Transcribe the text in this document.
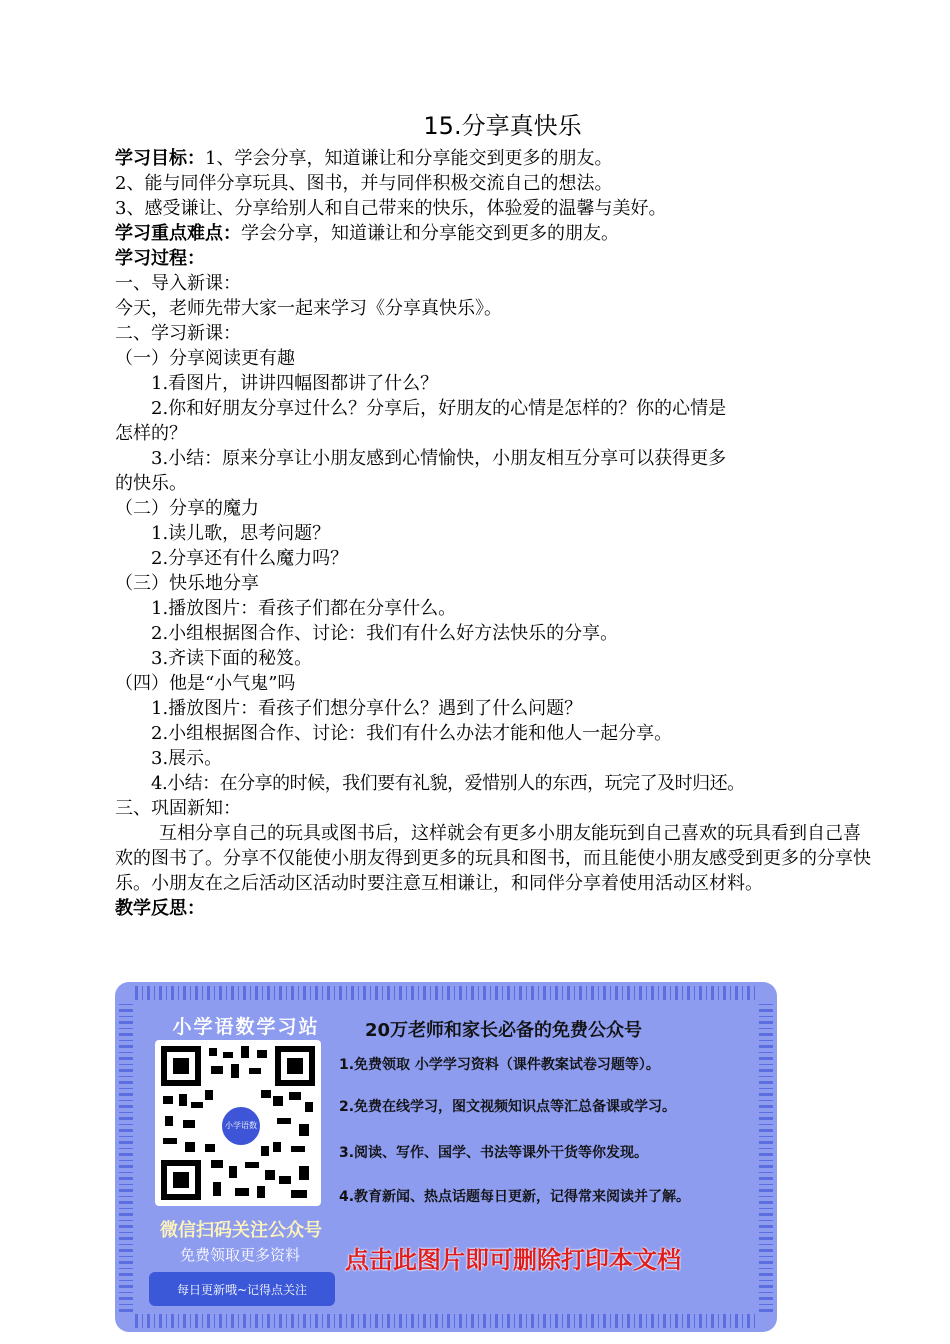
15.分享真快乐
学习目标：1、学会分享，知道谦让和分享能交到更多的朋友。
2、能与同伴分享玩具、图书，并与同伴积极交流自己的想法。
3、感受谦让、分享给别人和自己带来的快乐，体验爱的温馨与美好。
学习重点难点：学会分享，知道谦让和分享能交到更多的朋友。
学习过程：
一、导入新课：
今天，老师先带大家一起来学习《分享真快乐》。
二、学习新课：
（一）分享阅读更有趣
1.看图片，讲讲四幅图都讲了什么？
2.你和好朋友分享过什么？分享后，好朋友的心情是怎样的？你的心情是
怎样的？
3.小结：原来分享让小朋友感到心情愉快，小朋友相互分享可以获得更多
的快乐。
（二）分享的魔力
1.读儿歌，思考问题？
2.分享还有什么魔力吗？
（三）快乐地分享
1.播放图片：看孩子们都在分享什么。
2.小组根据图合作、讨论：我们有什么好方法快乐的分享。
3.齐读下面的秘笈。
（四）他是“小气鬼”吗
1.播放图片：看孩子们想分享什么？遇到了什么问题？
2.小组根据图合作、讨论：我们有什么办法才能和他人一起分享。
3.展示。
4.小结：在分享的时候，我们要有礼貌，爱惜别人的东西，玩完了及时归还。
三、巩固新知：
互相分享自己的玩具或图书后，这样就会有更多小朋友能玩到自己喜欢的玩具看到自己喜欢的图书了。分享不仅能使小朋友得到更多的玩具和图书，而且能使小朋友感受到更多的分享快乐。小朋友在之后活动区活动时要注意互相谦让，和同伴分享着使用活动区材料。
教学反思：
小学语数学习站
小学语数
微信扫码关注公众号
免费领取更多资料
每日更新哦~记得点关注
20万老师和家长必备的免费公众号
1.免费领取 小学学习资料（课件教案试卷习题等）。
2.免费在线学习，图文视频知识点等汇总备课或学习。
3.阅读、写作、国学、书法等课外干货等你发现。
4.教育新闻、热点话题每日更新，记得常来阅读并了解。
点击此图片即可删除打印本文档
